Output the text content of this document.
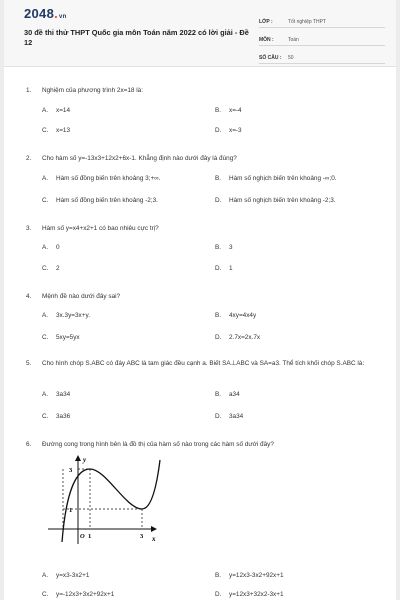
2048.vn
30 đề thi thử THPT Quốc gia môn Toán năm 2022 có lời giải - Đề 12
LỚP :	Tốt nghiệp THPT
MÔN :	Toán
SỐ CÂU :	50
1.	Nghiệm của phương trình 2x=18 là:
A.	x=14	B.	x=-4
C.	x=13	D.	x=-3
2.	Cho hàm số y=-13x3+12x2+6x-1. Khẳng định nào dưới đây là đúng?
A.	Hàm số đồng biến trên khoảng 3;+∞.	B.	Hàm số nghịch biến trên khoảng -∞;0.
C.	Hàm số đồng biến trên khoảng -2;3.	D.	Hàm số nghịch biến trên khoảng -2;3.
3.	Hàm số y=x4+x2+1 có bao nhiêu cực trị?
A.	0	B.	3
C.	2	D.	1
4.	Mệnh đề nào dưới đây sai?
A.	3x.3y=3x+y.	B.	4xy=4x4y
C.	5xy=5yx	D.	2.7x=2x.7x
5.	Cho hình chóp S.ABC có đáy ABC là tam giác đều cạnh a. Biết SA⊥ABC và SA=a3. Thể tích khối chóp S.ABC là:
A.	3a34	B.	a34
C.	3a36	D.	3a34
6.	Đường cong trong hình bên là đồ thị của hàm số nào trong các hàm số dưới đây?
A.	y=x3-3x2+1	B.	y=12x3-3x2+92x+1
C.	y=-12x3+3x2+92x+1	D.	y=12x3+32x2-3x+1
y
x
3
1
O 1	3
